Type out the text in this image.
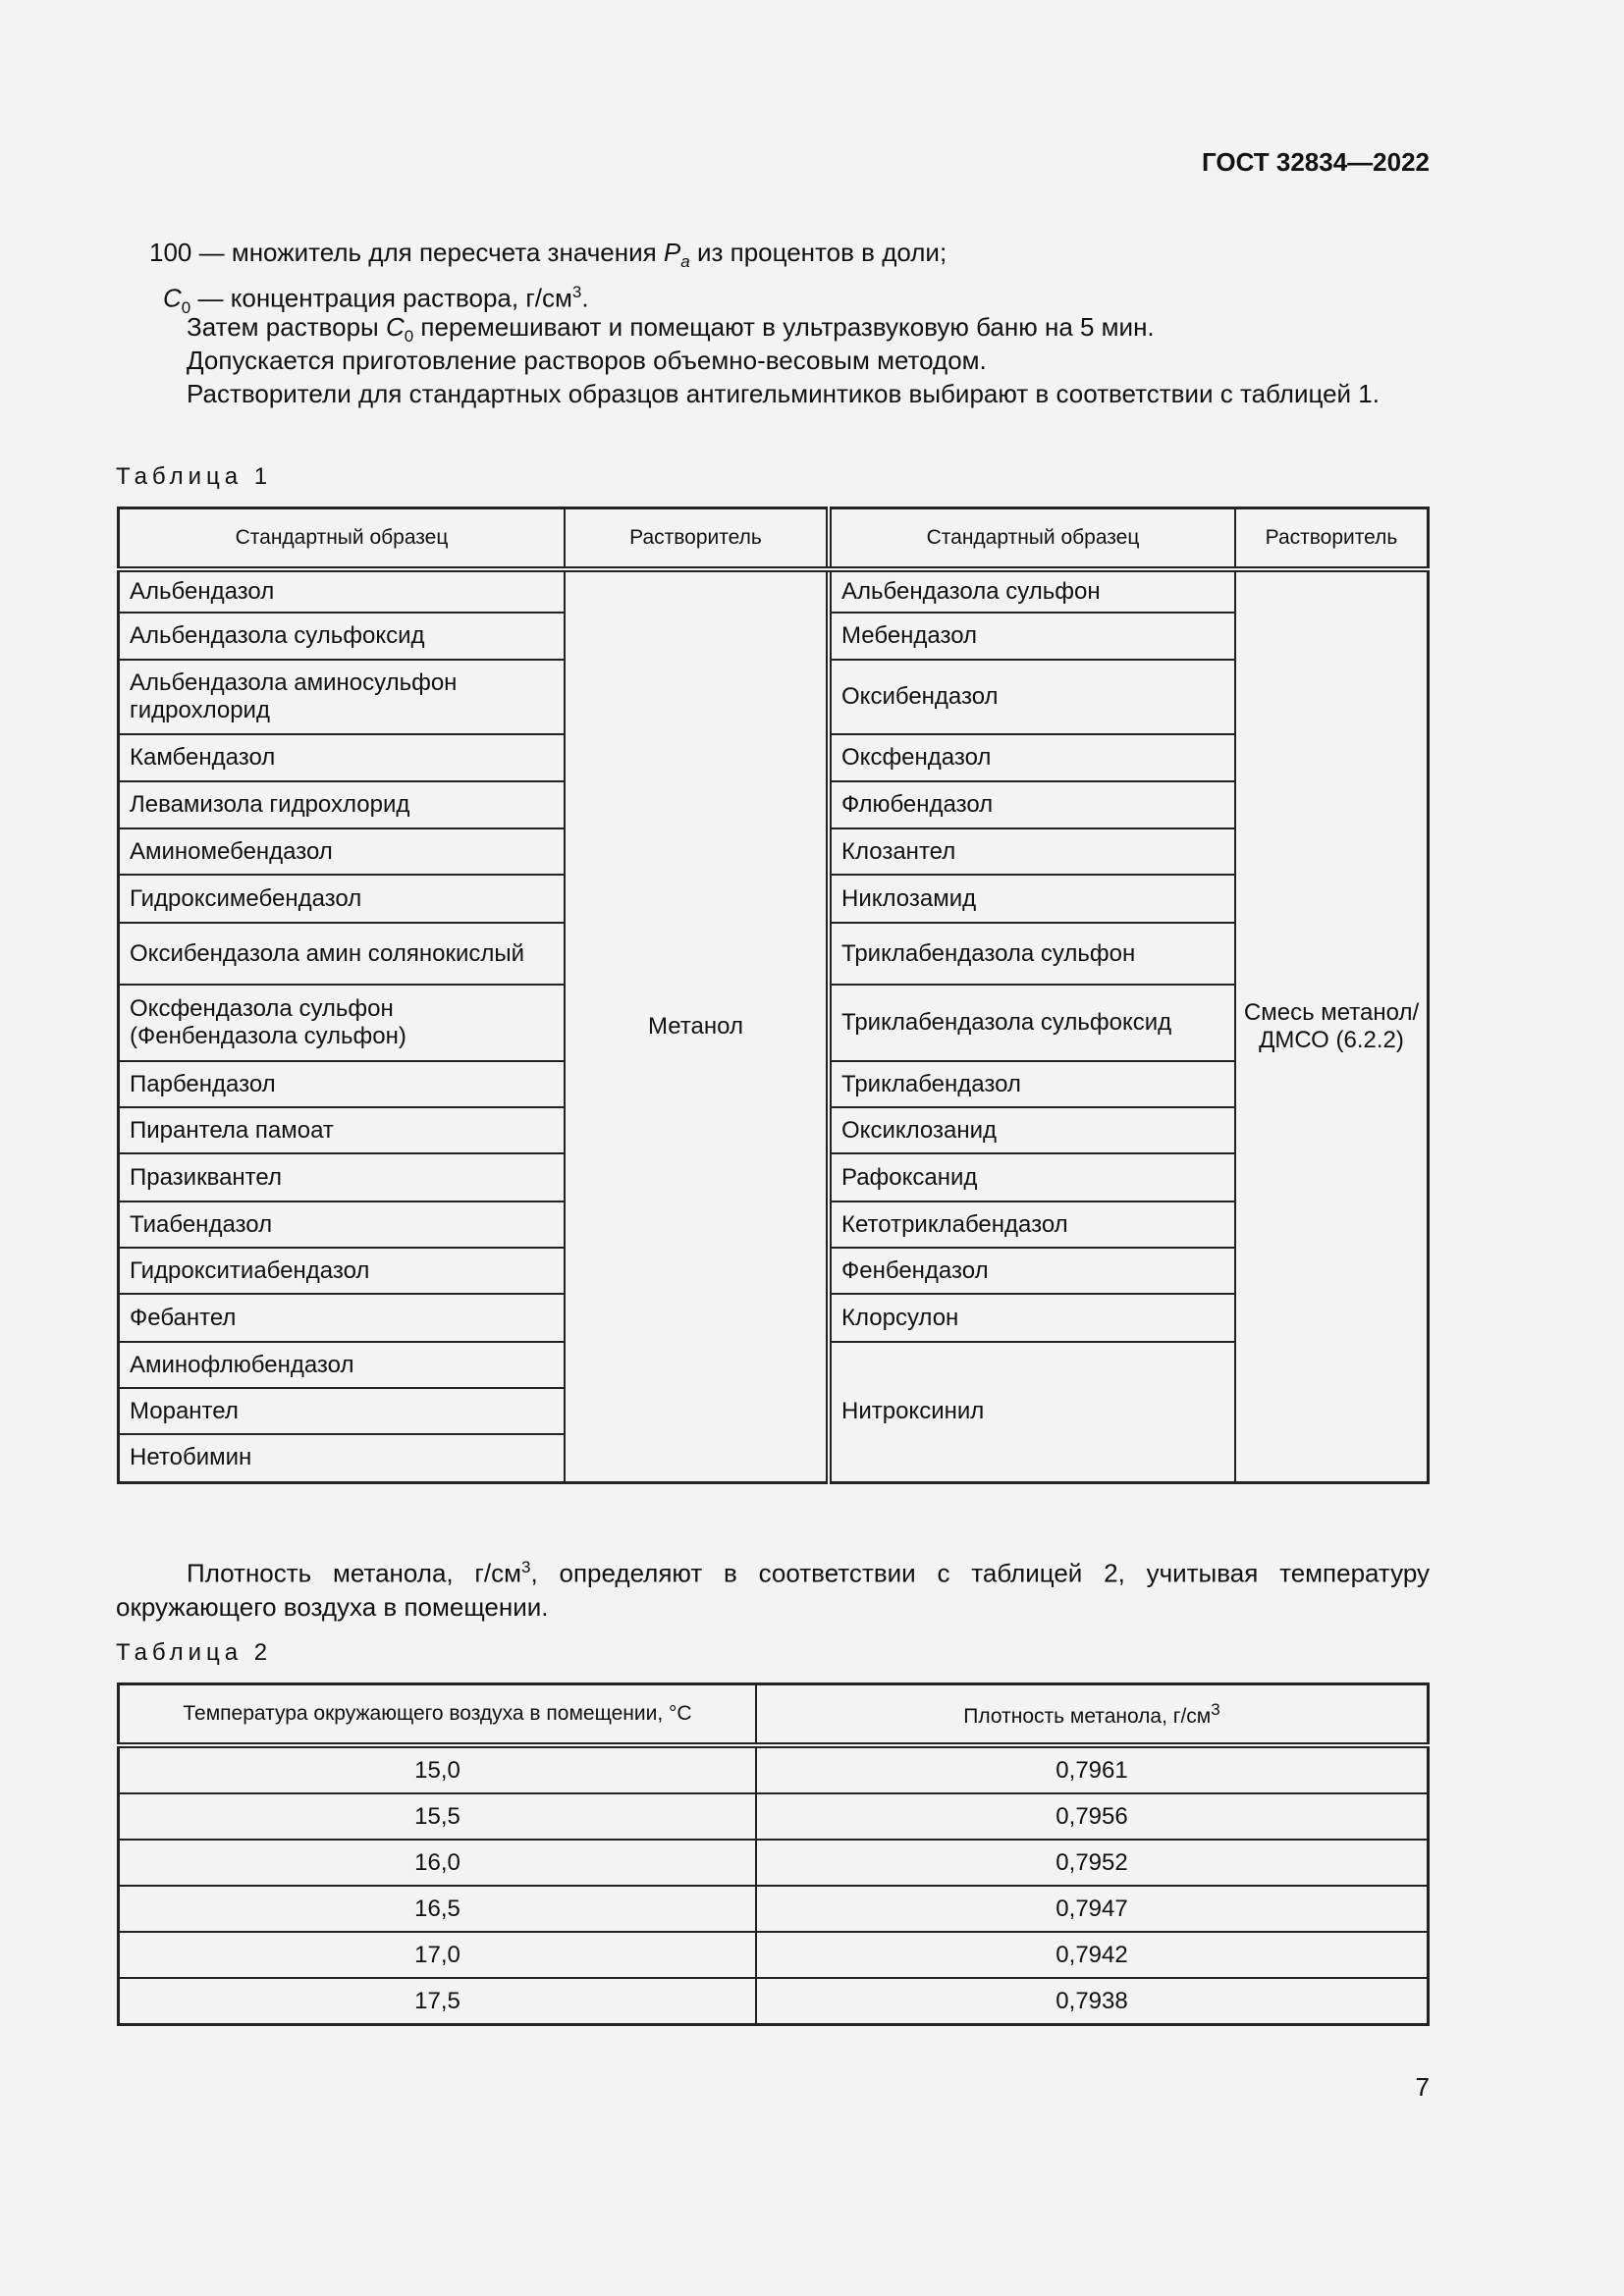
ГОСТ 32834—2022
100 — множитель для пересчета значения $P_a$ из процентов в доли;
$C_0$ — концентрация раствора, $г/см^3$.
Затем растворы $C_0$ перемешивают и помещают в ультразвуковую баню на 5 мин.
Допускается приготовление растворов объемно-весовым методом.
Растворители для стандартных образцов антигельминтиков выбирают в соответствии с таблицей 1.
Таблица 1
Стандартный образец	Растворитель	Стандартный образец	Растворитель
Альбендазол	Метанол	Альбендазола сульфон	Смесь метанол/ ДМСО (6.2.2)
Альбендазола сульфоксид		Мебендазол	
Альбендазола аминосульфон гидрохлорид		Оксибендазол	
Камбендазол		Оксфендазол	
Левамизола гидрохлорид		Флюбендазол	
Аминомебендазол		Клозантел	
Гидроксимебендазол		Никлозамид	
Оксибендазола амин солянокислый		Триклабендазола сульфон	
Оксфендазола сульфон (Фенбендазола сульфон)		Триклабендазола сульфоксид	
Парбендазол		Триклабендазол	
Пирантела памоат		Оксиклозанид	
Празиквантел		Рафоксанид	
Тиабендазол		Кетотриклабендазол	
Гидрокситиабендазол		Фенбендазол	
Фебантел		Клорсулон	
Аминофлюбендазол		Нитроксинил	
Морантел			
Нетобимин			
Плотность метанола, $г/см^3$, определяют в соответствии с таблицей 2, учитывая температуру окружающего воздуха в помещении.
Таблица 2
Температура окружающего воздуха в помещении, °C	Плотность метанола, $г/см^3$
15,0	0,7961
15,5	0,7956
16,0	0,7952
16,5	0,7947
17,0	0,7942
17,5	0,7938
7
